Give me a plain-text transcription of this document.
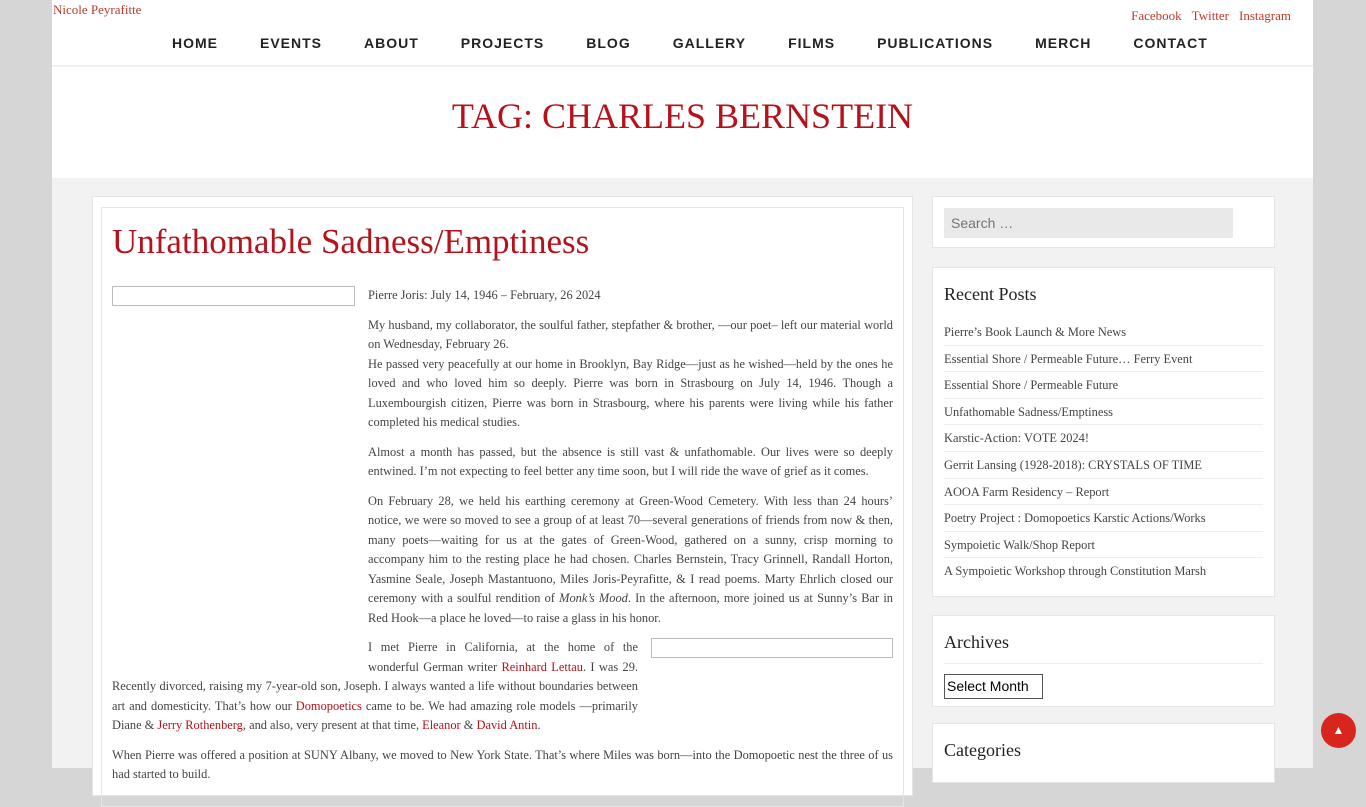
Nicole Peyrafitte	Facebook Twitter Instagram
HOME	EVENTS	ABOUT	PROJECTS	BLOG	GALLERY	FILMS	PUBLICATIONS	MERCH	CONTACT
TAG: CHARLES BERNSTEIN
Unfathomable Sadness/Emptiness

Pierre Joris: July 14, 1946 – February, 26 2024

My husband, my collaborator, the soulful father, stepfather & brother, —our poet– left our material world on Wednesday, February 26.
He passed very peacefully at our home in Brooklyn, Bay Ridge—just as he wished—held by the ones he loved and who loved him so deeply. Pierre was born in Strasbourg on July 14, 1946. Though a Luxembourgish citizen, Pierre was born in Strasbourg, where his parents were living while his father completed his medical studies.

Almost a month has passed, but the absence is still vast & unfathomable. Our lives were so deeply entwined. I’m not expecting to feel better any time soon, but I will ride the wave of grief as it comes.

On February 28, we held his earthing ceremony at Green-Wood Cemetery. With less than 24 hours’ notice, we were so moved to see a group of at least 70—several generations of friends from now & then, many poets—waiting for us at the gates of Green-Wood, gathered on a sunny, crisp morning to accompany him to the resting place he had chosen. Charles Bernstein, Tracy Grinnell, Randall Horton, Yasmine Seale, Joseph Mastantuono, Miles Joris-Peyrafitte, & I read poems. Marty Ehrlich closed our ceremony with a soulful rendition of Monk’s Mood. In the afternoon, more joined us at Sunny’s Bar in Red Hook—a place he loved—to raise a glass in his honor.

I met Pierre in California, at the home of the wonderful German writer Reinhard Lettau. I was 29. Recently divorced, raising my 7-year-old son, Joseph. I always wanted a life without boundaries between art and domesticity. That’s how our Domopoetics came to be. We had amazing role models —primarily Diane & Jerry Rothenberg, and also, very present at that time, Eleanor & David Antin.

When Pierre was offered a position at SUNY Albany, we moved to New York State. That’s where Miles was born—into the Domopoetic nest the three of us had started to build.

Search …
Recent Posts
Pierre’s Book Launch & More News
Essential Shore / Permeable Future… Ferry Event
Essential Shore / Permeable Future
Unfathomable Sadness/Emptiness
Karstic-Action: VOTE 2024!
Gerrit Lansing (1928-2018): CRYSTALS OF TIME
AOOA Farm Residency – Report
Poetry Project : Domopoetics Karstic Actions/Works
Sympoietic Walk/Shop Report
A Sympoietic Workshop through Constitution Marsh
Archives
Select Month
Categories
▲
